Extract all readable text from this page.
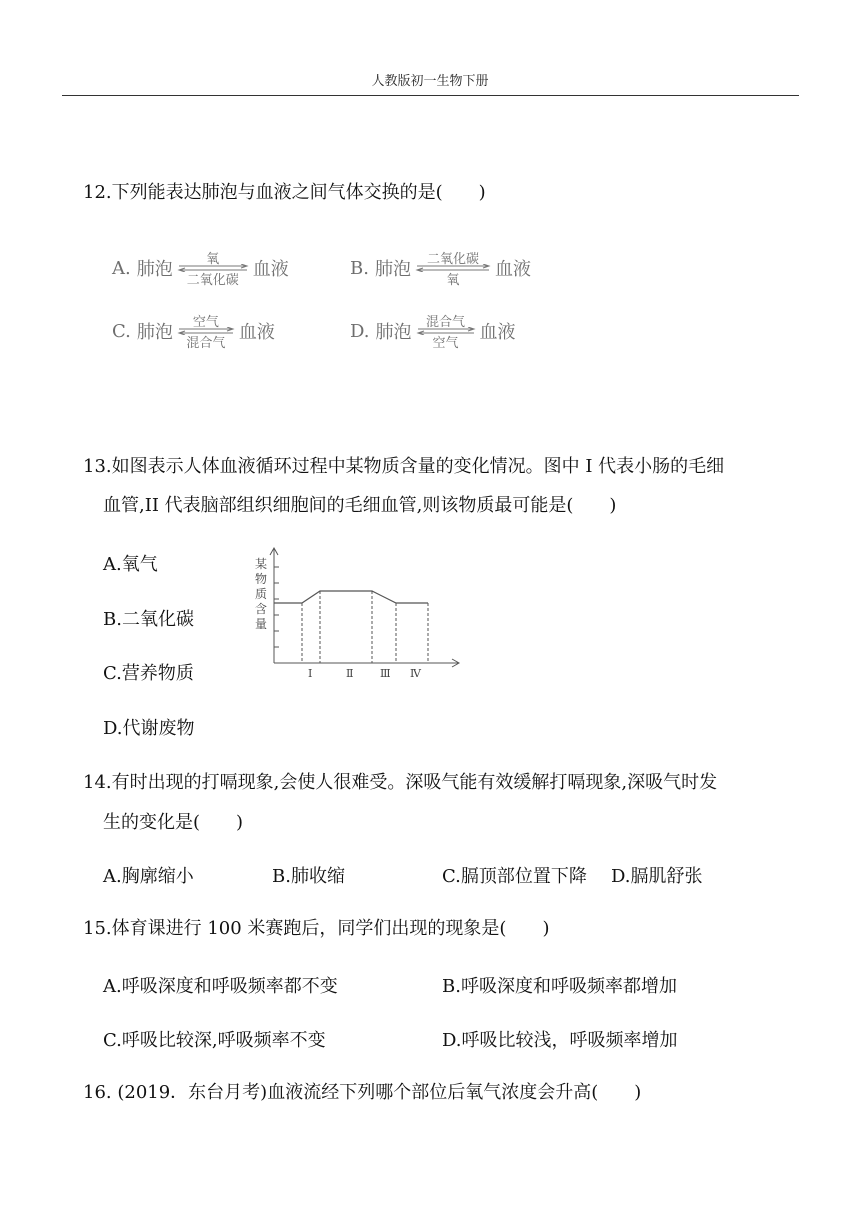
人教版初一生物下册
12.下列能表达肺泡与血液之间气体交换的是(　　)
A. 肺泡	氧
二氧化碳
血液	B. 肺泡	二氧化碳
氧
血液
C. 肺泡	空气
混合气
血液	D. 肺泡	混合气
空气
血液
13.如图表示人体血液循环过程中某物质含量的变化情况。图中 I 代表小肠的毛细
血管,II 代表脑部组织细胞间的毛细血管,则该物质最可能是(　　)
A.氧气
B.二氧化碳
C.营养物质
D.代谢废物
某
物
质
含
量
Ⅰ	Ⅱ Ⅲ Ⅳ
14.有时出现的打嗝现象,会使人很难受。深吸气能有效缓解打嗝现象,深吸气时发
生的变化是(　　)
A.胸廓缩小	B.肺收缩	C.膈顶部位置下降 D.膈肌舒张
15.体育课进行 100 米赛跑后，同学们出现的现象是(　　)
A.呼吸深度和呼吸频率都不变	B.呼吸深度和呼吸频率都增加
C.呼吸比较深,呼吸频率不变	D.呼吸比较浅，呼吸频率增加
16. (2019．东台月考)血液流经下列哪个部位后氧气浓度会升高(　　)
